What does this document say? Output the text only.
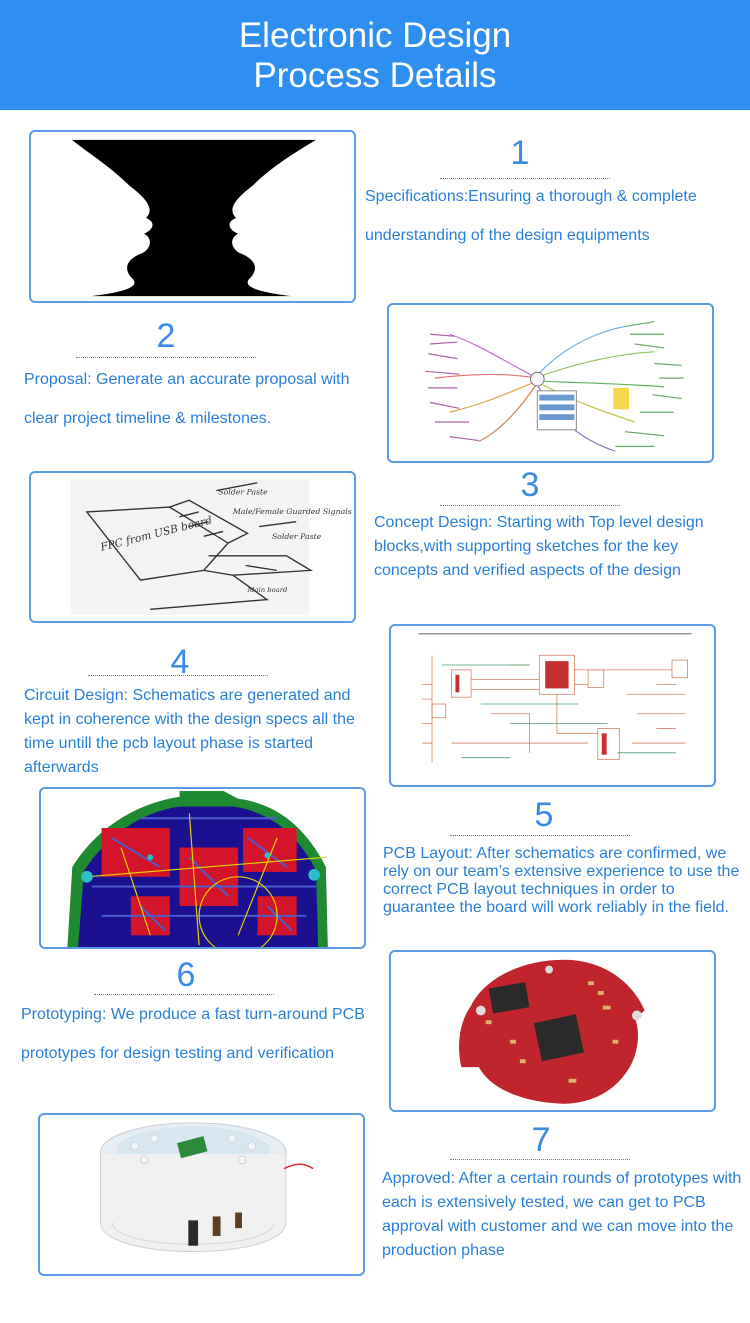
Electronic Design
Process Details
1
Specifications:Ensuring a thorough & complete understanding of the design equipments
2
Proposal: Generate an accurate proposal with clear project timeline & milestones.
Solder Paste
Male/Female Guarded Signals
Solder Paste
FPC from USB board
Main board
3
Concept Design: Starting with Top level design blocks,with supporting sketches for the key concepts and verified aspects of the design
4
Circuit Design: Schematics are generated and kept in coherence with the design specs all the time untill the pcb layout phase is started afterwards
5
PCB Layout: After schematics are confirmed, we rely on our team’s extensive experience to use the correct PCB layout techniques in order to guarantee the board will work reliably in the field.
6
Prototyping: We produce a fast turn-around PCB prototypes for design testing and verification
7
Approved: After a certain rounds of prototypes with each is extensively tested, we can get to PCB approval with customer and we can move into the production phase
